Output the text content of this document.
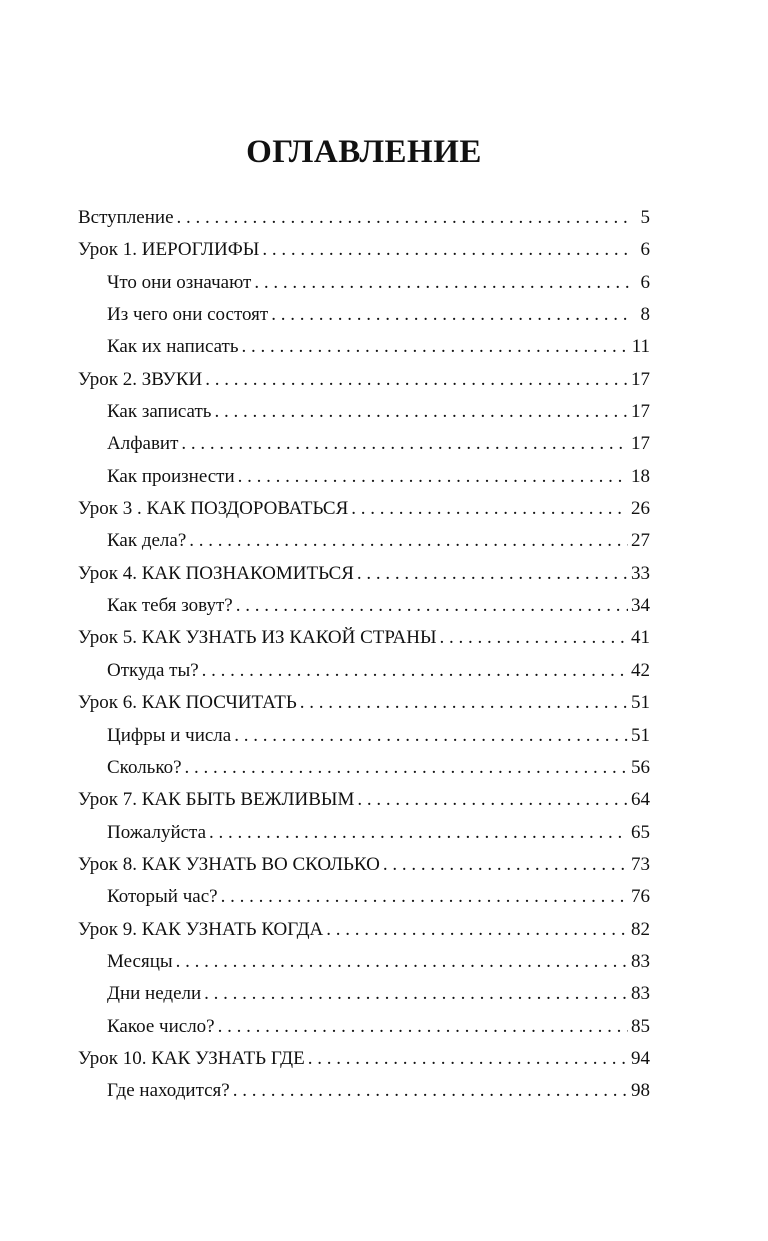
ОГЛАВЛЕНИЕ
Вступление . . .	5
Урок 1. ИЕРОГЛИФЫ . . .	6
Что они означают . . .	6
Из чего они состоят . . .	8
Как их написать . . .	11
Урок 2. ЗВУКИ . . .	17
Как записать . . .	17
Алфавит . . .	17
Как произнести . . .	18
Урок 3 . КАК ПОЗДОРОВАТЬСЯ . . .	26
Как дела? . . .	27
Урок 4. КАК ПОЗНАКОМИТЬСЯ . . .	33
Как тебя зовут? . . .	34
Урок 5. КАК УЗНАТЬ ИЗ КАКОЙ СТРАНЫ . . .	41
Откуда ты? . . .	42
Урок 6. КАК ПОСЧИТАТЬ . . .	51
Цифры и числа . . .	51
Сколько? . . .	56
Урок 7. КАК БЫТЬ ВЕЖЛИВЫМ . . .	64
Пожалуйста . . .	65
Урок 8. КАК УЗНАТЬ ВО СКОЛЬКО . . .	73
Который час? . . .	76
Урок 9. КАК УЗНАТЬ КОГДА . . .	82
Месяцы . . .	83
Дни недели . . .	83
Какое число? . . .	85
Урок 10. КАК УЗНАТЬ ГДЕ . . .	94
Где находится? . . .	98
